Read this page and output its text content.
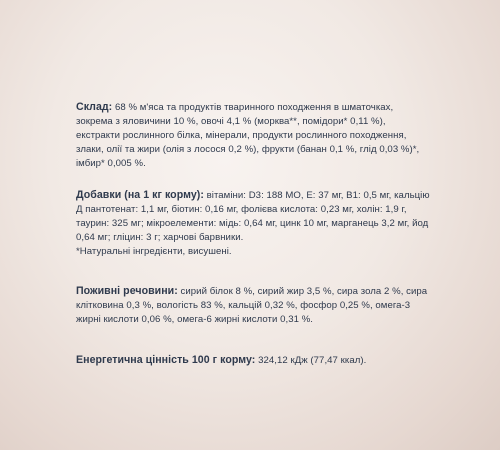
Склад: 68 % м'яса та продуктів тваринного походження в шматочках, зокрема з яловичини 10 %, овочі 4,1 % (морква**, помідори* 0,11 %), екстракти рослинного білка, мінерали, продукти рослинного походження, злаки, олії та жири (олія з лосося 0,2 %), фрукти (банан 0,1 %, глід 0,03 %)*, імбир* 0,005 %.

Добавки (на 1 кг корму): вітаміни: D3: 188 МО, Е: 37 мг, B1: 0,5 мг, кальцію Д пантотенат: 1,1 мг, біотин: 0,16 мг, фолієва кислота: 0,23 мг, холін: 1,9 г, таурин: 325 мг; мікроелементи: мідь: 0,64 мг, цинк 10 мг, марганець 3,2 мг, йод 0,64 мг; гліцин: 3 г; харчові барвники.

*Натуральні інгредієнти, висушені.

Поживні речовини: сирий білок 8 %, сирий жир 3,5 %, сира зола 2 %, сира клітковина 0,3 %, вологість 83 %, кальцій 0,32 %, фосфор 0,25 %, омега-3 жирні кислоти 0,06 %, омега-6 жирні кислоти 0,31 %.

Енергетична цінність 100 г корму: 324,12 кДж (77,47 ккал).
